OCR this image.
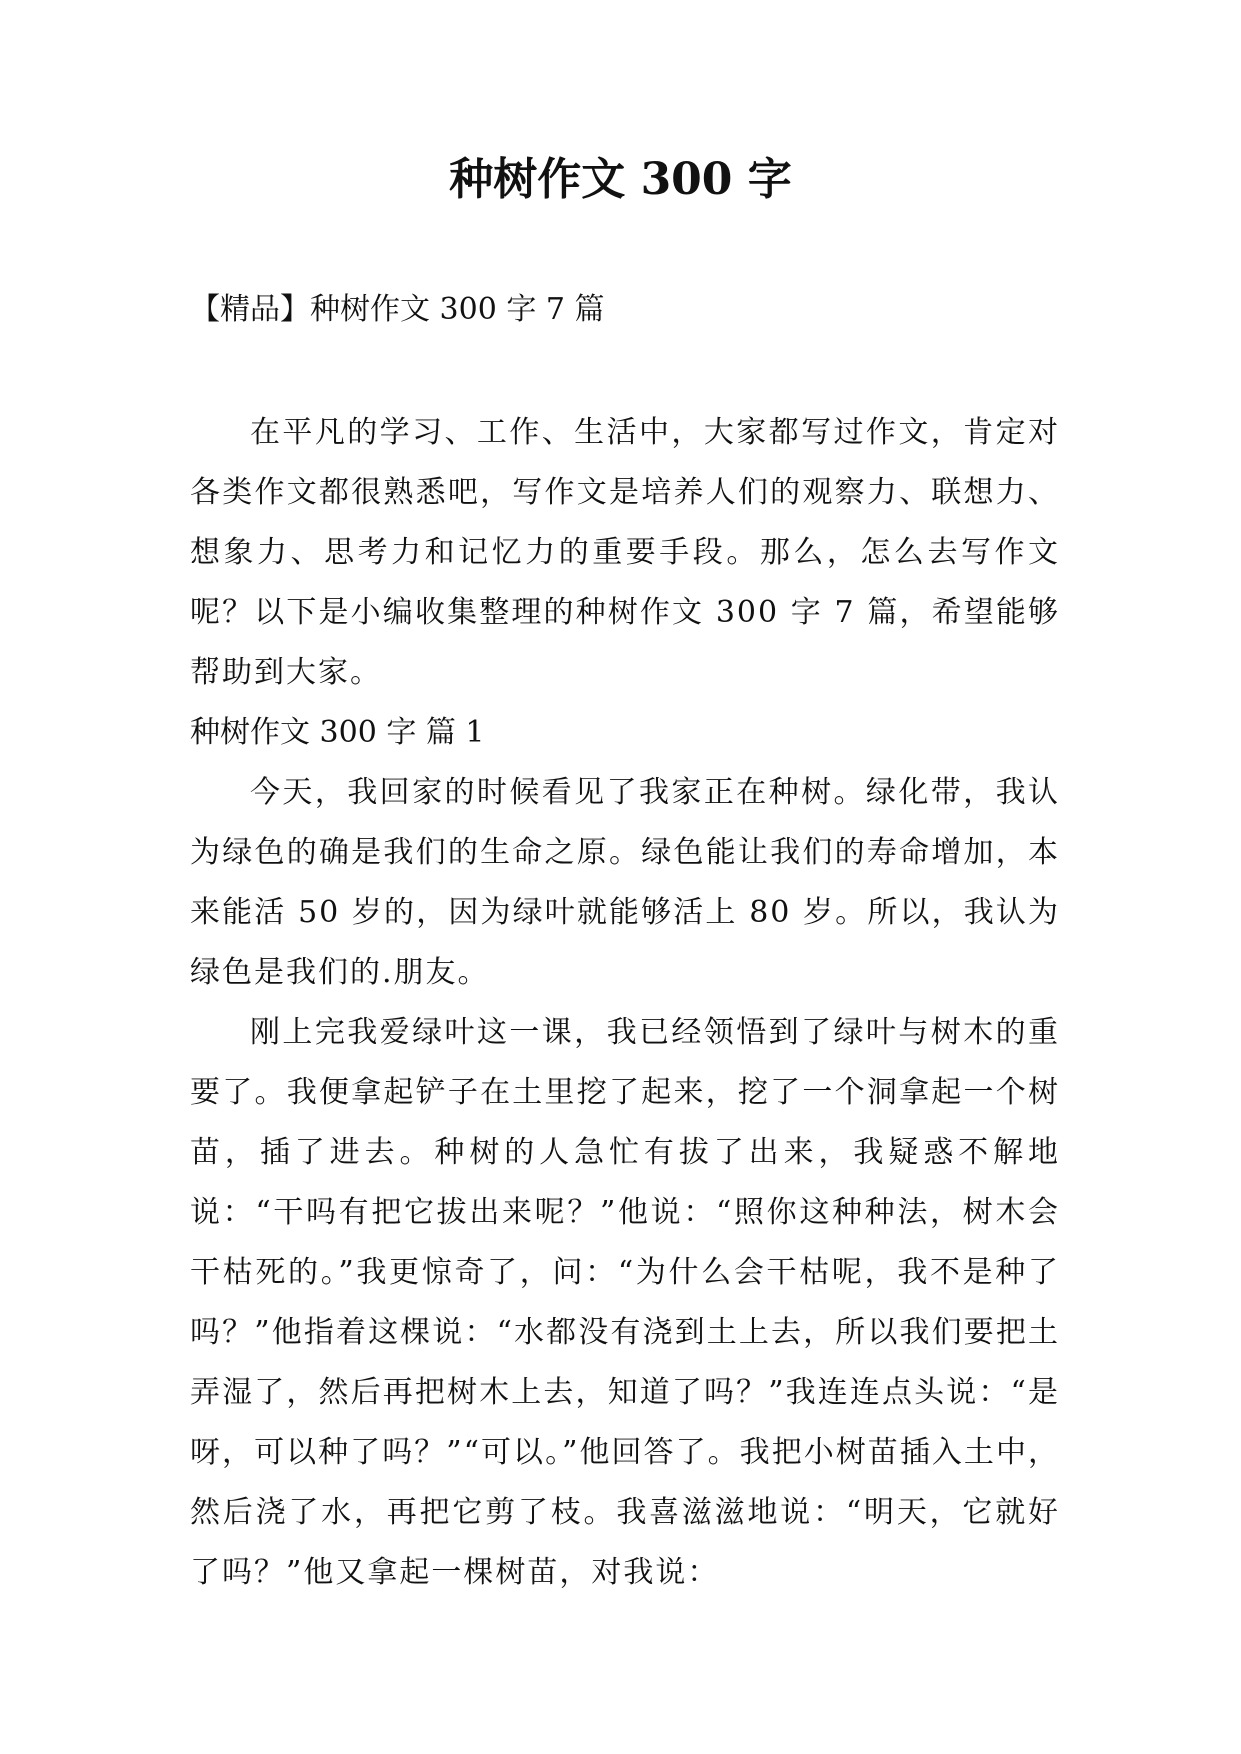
种树作文 300 字

【精品】种树作文 300 字 7 篇

在平凡的学习、工作、生活中，大家都写过作文，肯定对各类作文都很熟悉吧，写作文是培养人们的观察力、联想力、想象力、思考力和记忆力的重要手段。那么，怎么去写作文呢？以下是小编收集整理的种树作文 300 字 7 篇，希望能够帮助到大家。

种树作文 300 字 篇 1

今天，我回家的时候看见了我家正在种树。绿化带，我认为绿色的确是我们的生命之原。绿色能让我们的寿命增加，本来能活 50 岁的，因为绿叶就能够活上 80 岁。所以，我认为绿色是我们的.朋友。

刚上完我爱绿叶这一课，我已经领悟到了绿叶与树木的重要了。我便拿起铲子在土里挖了起来，挖了一个洞拿起一个树苗，插了进去。种树的人急忙有拔了出来，我疑惑不解地说：“干吗有把它拔出来呢？”他说：“照你这种种法，树木会干枯死的。”我更惊奇了，问：“为什么会干枯呢，我不是种了吗？”他指着这棵说：“水都没有浇到土上去，所以我们要把土弄湿了，然后再把树木上去，知道了吗？”我连连点头说：“是呀，可以种了吗？”“可以。”他回答了。我把小树苗插入土中，然后浇了水，再把它剪了枝。我喜滋滋地说：“明天，它就好了吗？”他又拿起一棵树苗，对我说：
